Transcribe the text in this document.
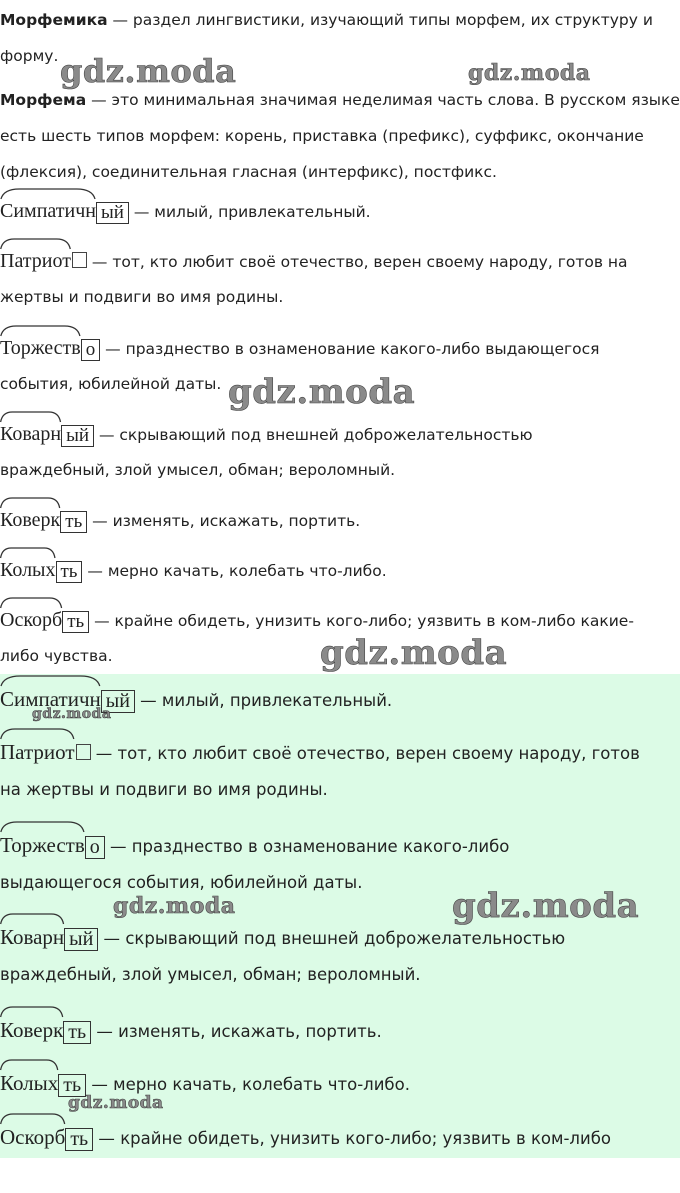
Морфемика — раздел лингвистики, изучающий типы морфем, их структуру и форму.
Морфема — это минимальная значимая неделимая часть слова. В русском языке есть шесть типов морфем: корень, приставка (префикс), суффикс, окончание (флексия), соединительная гласная (интерфикс), постфикс.
Симпатичн ый — милый, привлекательный.
Патриот
— тот, кто любит своё отечество, верен своему народу, готов на
жертвы и подвиги во имя родины.
Торжеств о — празднество в ознаменование какого-либо выдающегося
события, юбилейной даты.
Коварн ый — скрывающий под внешней доброжелательностью
враждебный, злой умысел, обман; вероломный.
Коверк ть — изменять, искажать, портить.
Колых ть — мерно качать, колебать что-либо.
Оскорб ть — крайне обидеть, унизить кого-либо; уязвить в ком-либо какие-
либо чувства.
Симпатичн ый — милый, привлекательный.
Патриот
— тот, кто любит своё отечество, верен своему народу, готов
на жертвы и подвиги во имя родины.
Торжеств о — празднество в ознаменование какого-либо
выдающегося события, юбилейной даты.
Коварн ый — скрывающий под внешней доброжелательностью
враждебный, злой умысел, обман; вероломный.
Коверк ть — изменять, искажать, портить.
Колых ть — мерно качать, колебать что-либо.
Оскорб ть — крайне обидеть, унизить кого-либо; уязвить в ком-либо
gdz.moda	gdz.moda
gdz.moda
gdz.moda
gdz.moda
gdz.moda	gdz.moda
gdz.moda
